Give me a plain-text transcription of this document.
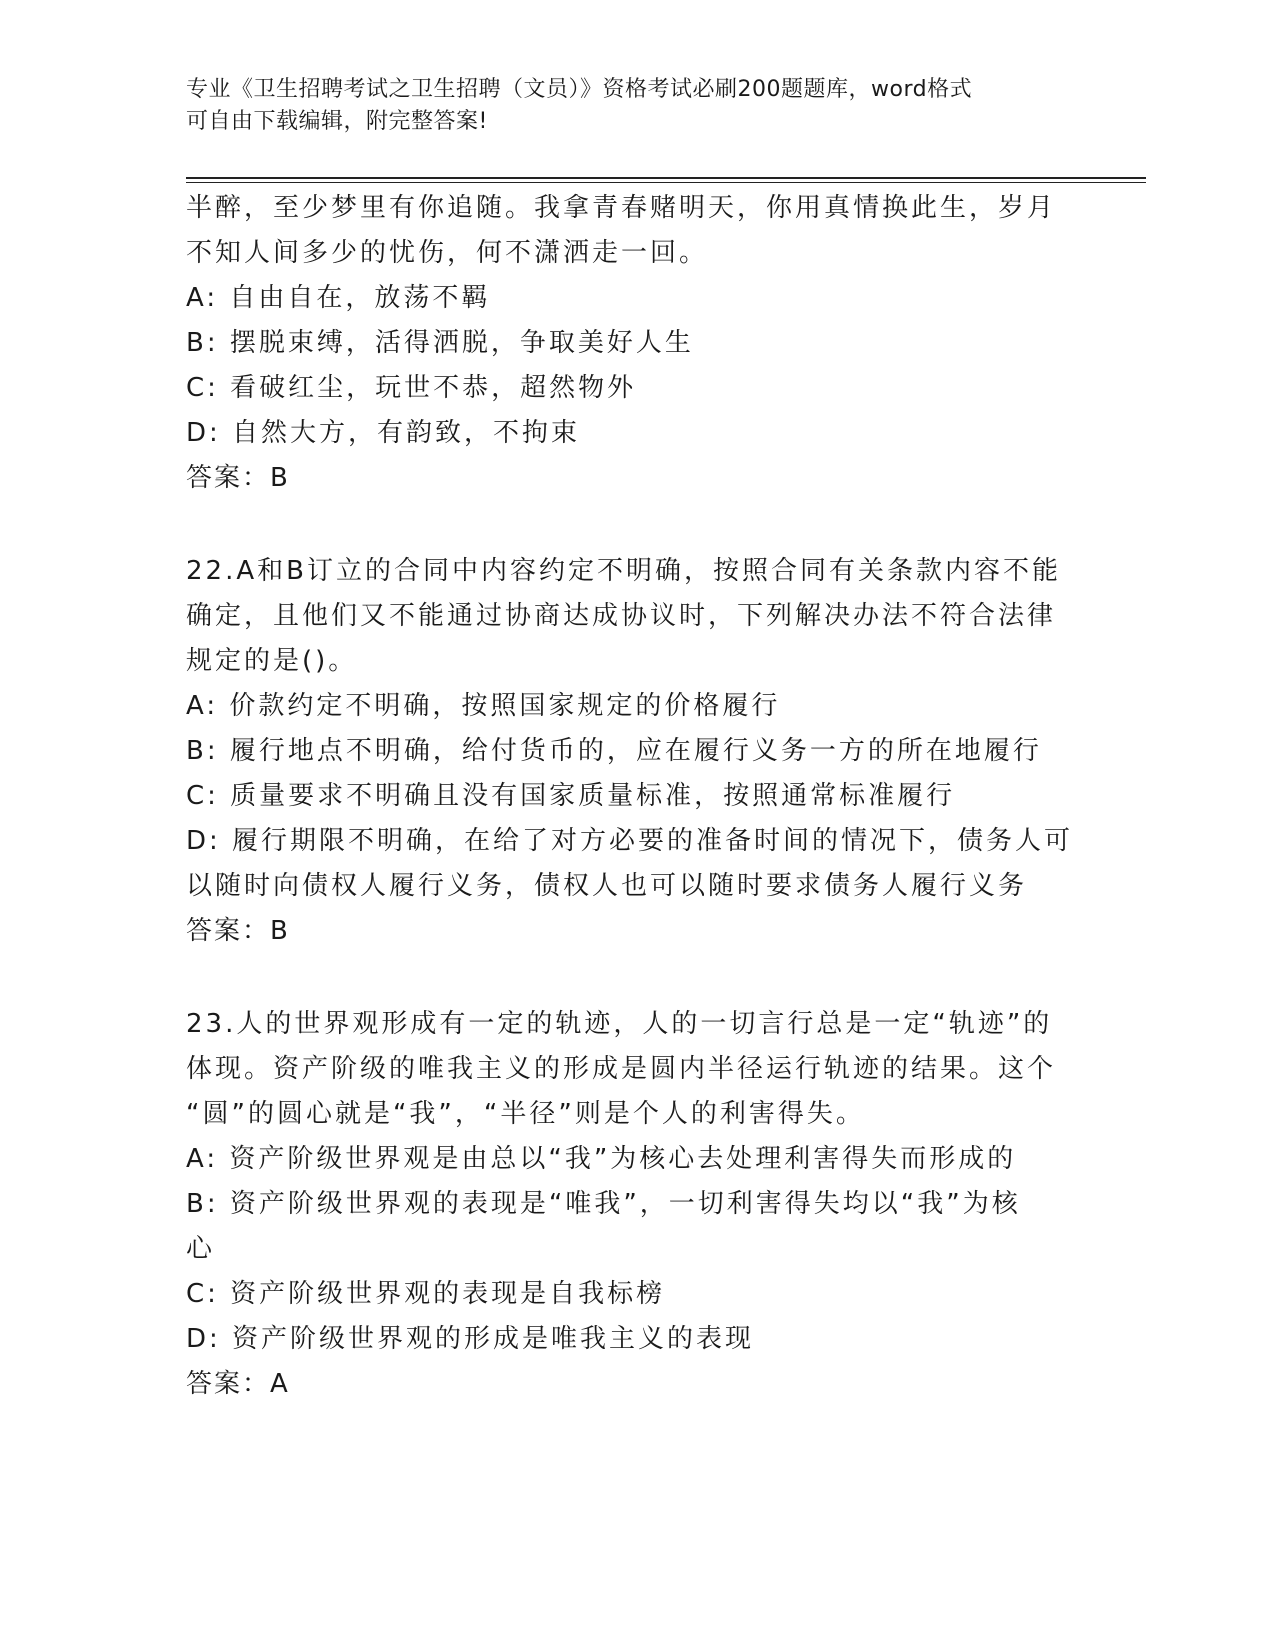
专业《卫生招聘考试之卫生招聘（文员）》资格考试必刷200题题库，word格式
可自由下载编辑，附完整答案!
半醉，至少梦里有你追随。我拿青春赌明天，你用真情换此生，岁月
不知人间多少的忧伤，何不潇洒走一回。
A: 自由自在，放荡不羁
B: 摆脱束缚，活得洒脱，争取美好人生
C: 看破红尘，玩世不恭，超然物外
D: 自然大方，有韵致，不拘束
答案：B
22.A和B订立的合同中内容约定不明确，按照合同有关条款内容不能
确定，且他们又不能通过协商达成协议时，下列解决办法不符合法律
规定的是()。
A: 价款约定不明确，按照国家规定的价格履行
B: 履行地点不明确，给付货币的，应在履行义务一方的所在地履行
C: 质量要求不明确且没有国家质量标准，按照通常标准履行
D: 履行期限不明确，在给了对方必要的准备时间的情况下，债务人可
以随时向债权人履行义务，债权人也可以随时要求债务人履行义务
答案：B
23.人的世界观形成有一定的轨迹，人的一切言行总是一定“轨迹”的
体现。资产阶级的唯我主义的形成是圆内半径运行轨迹的结果。这个
“圆”的圆心就是“我”，“半径”则是个人的利害得失。
A: 资产阶级世界观是由总以“我”为核心去处理利害得失而形成的
B: 资产阶级世界观的表现是“唯我”，一切利害得失均以“我”为核
心
C: 资产阶级世界观的表现是自我标榜
D: 资产阶级世界观的形成是唯我主义的表现
答案：A
